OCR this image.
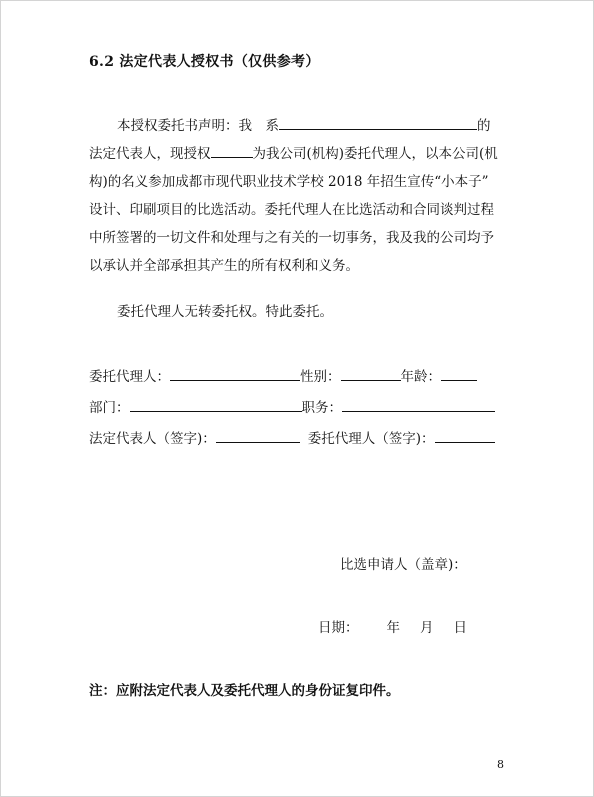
6.2 法定代表人授权书（仅供参考）
本授权委托书声明：我　系	的
法定代表人，现授权	为我公司(机构)委托代理人，以本公司(机
构)的名义参加成都市现代职业技术学校 2018 年招生宣传“小本子”
设计、印刷项目的比选活动。委托代理人在比选活动和合同谈判过程
中所签署的一切文件和处理与之有关的一切事务，我及我的公司均予
以承认并全部承担其产生的所有权利和义务。
委托代理人无转委托权。特此委托。
委托代理人：	性别：	年龄：
部门：	职务：
法定代表人（签字)：	委托代理人（签字)：
比选申请人（盖章)：
日期： 年 月 日
注：应附法定代表人及委托代理人的身份证复印件。
8
